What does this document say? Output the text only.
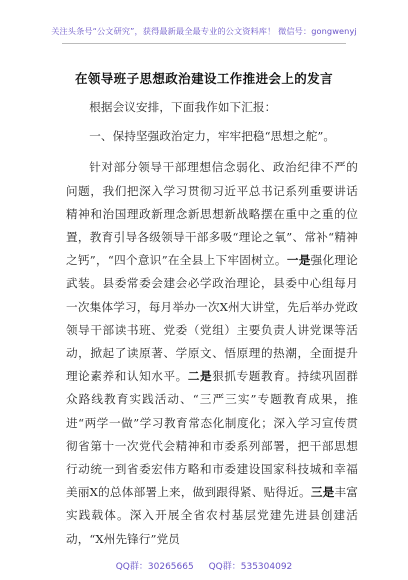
关注头条号“公文研究”，获得最新最全最专业的公文资料库！ 微信号：gongwenyj
在领导班子思想政治建设工作推进会上的发言

根据会议安排，下面我作如下汇报：

一、保持坚强政治定力，牢牢把稳“思想之舵”。

针对部分领导干部理想信念弱化、政治纪律不严的问题，我们把深入学习贯彻习近平总书记系列重要讲话精神和治国理政新理念新思想新战略摆在重中之重的位置，教育引导各级领导干部多吸“理论之氧”、常补“精神之钙”，“四个意识”在全县上下牢固树立。一是强化理论武装。县委常委会建会必学政治理论，县委中心组每月一次集体学习，每月举办一次X州大讲堂，先后举办党政领导干部读书班、党委（党组）主要负责人讲党课等活动，掀起了读原著、学原文、悟原理的热潮，全面提升理论素养和认知水平。二是狠抓专题教育。持续巩固群众路线教育实践活动、“三严三实”专题教育成果，推进“两学一做”学习教育常态化制度化；深入学习宣传贯彻省第十一次党代会精神和市委系列部署，把干部思想行动统一到省委宏伟方略和市委建设国家科技城和幸福美丽X的总体部署上来，做到跟得紧、贴得近。三是丰富实践载体。深入开展全省农村基层党建先进县创建活动，“X州先锋行”党员

QQ群：30265665 QQ群：535304092
